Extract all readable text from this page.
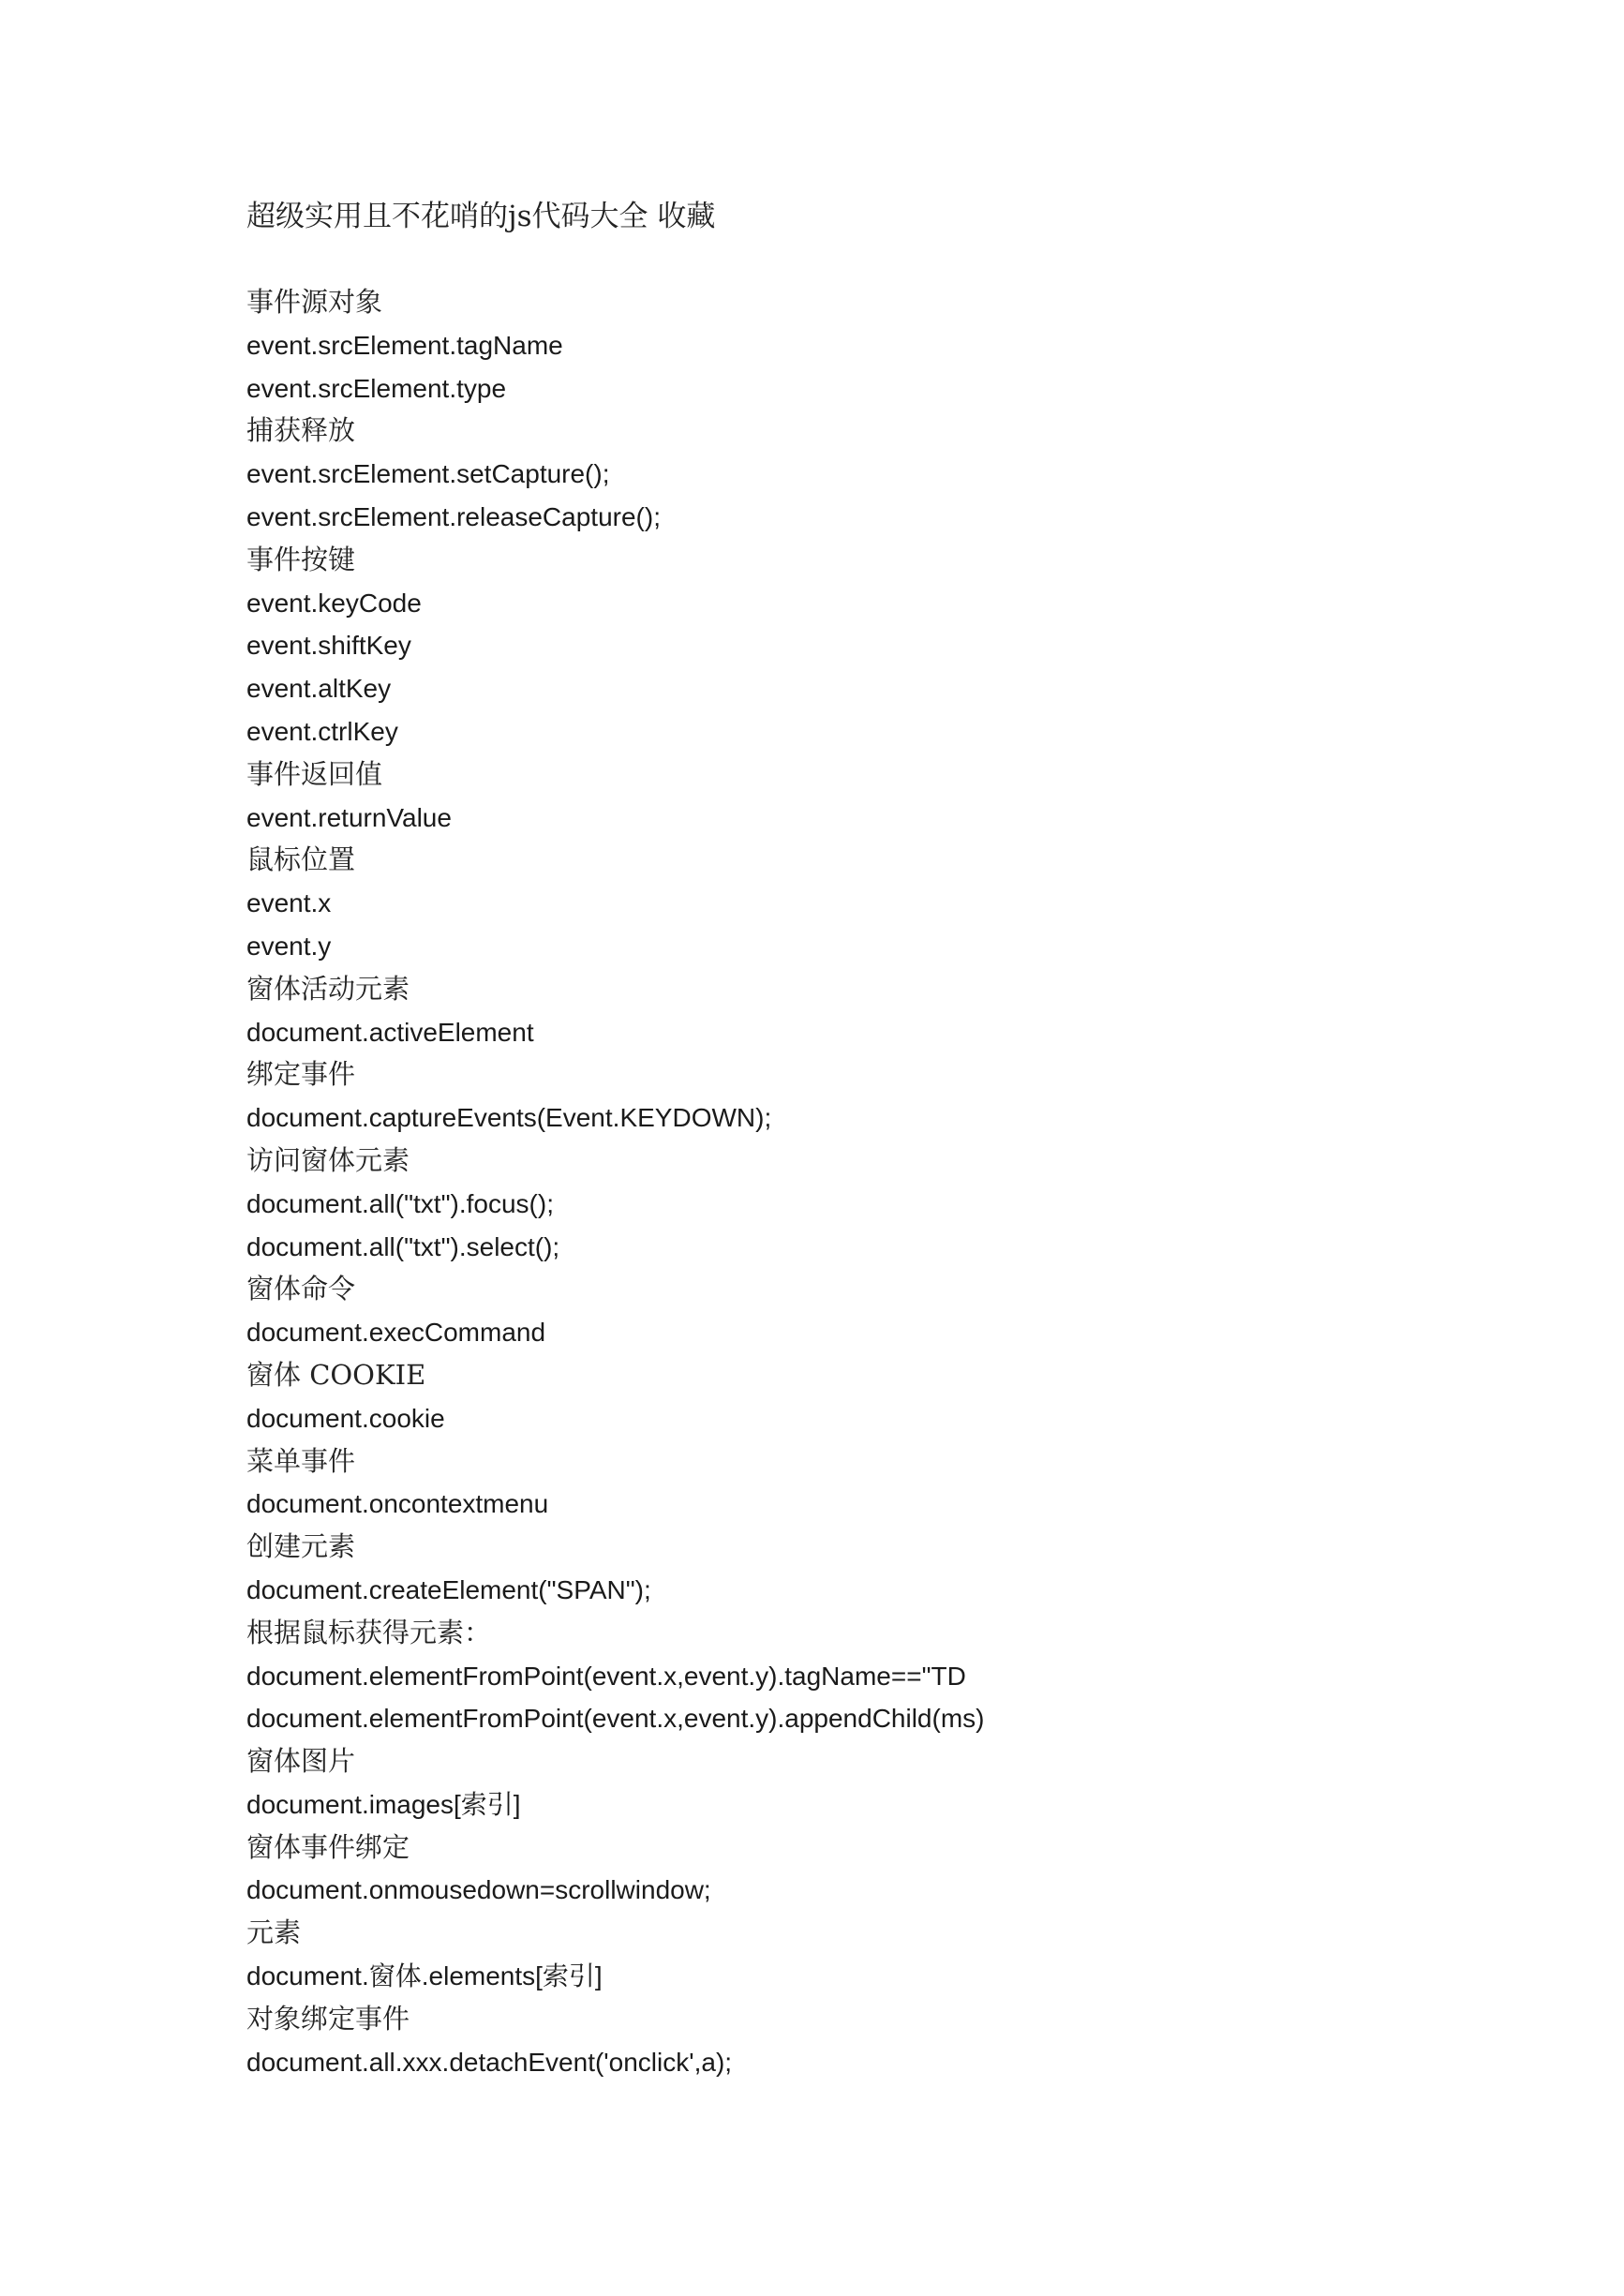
超级实用且不花哨的js代码大全 收藏
事件源对象
event.srcElement.tagName
event.srcElement.type
捕获释放
event.srcElement.setCapture();
event.srcElement.releaseCapture();
事件按键
event.keyCode
event.shiftKey
event.altKey
event.ctrlKey
事件返回值
event.returnValue
鼠标位置
event.x
event.y
窗体活动元素
document.activeElement
绑定事件
document.captureEvents(Event.KEYDOWN);
访问窗体元素
document.all("txt").focus();
document.all("txt").select();
窗体命令
document.execCommand
窗体 COOKIE
document.cookie
菜单事件
document.oncontextmenu
创建元素
document.createElement("SPAN");
根据鼠标获得元素：
document.elementFromPoint(event.x,event.y).tagName=="TD
document.elementFromPoint(event.x,event.y).appendChild(ms)
窗体图片
document.images[索引]
窗体事件绑定
document.onmousedown=scrollwindow;
元素
document.窗体.elements[索引]
对象绑定事件
document.all.xxx.detachEvent('onclick',a);
